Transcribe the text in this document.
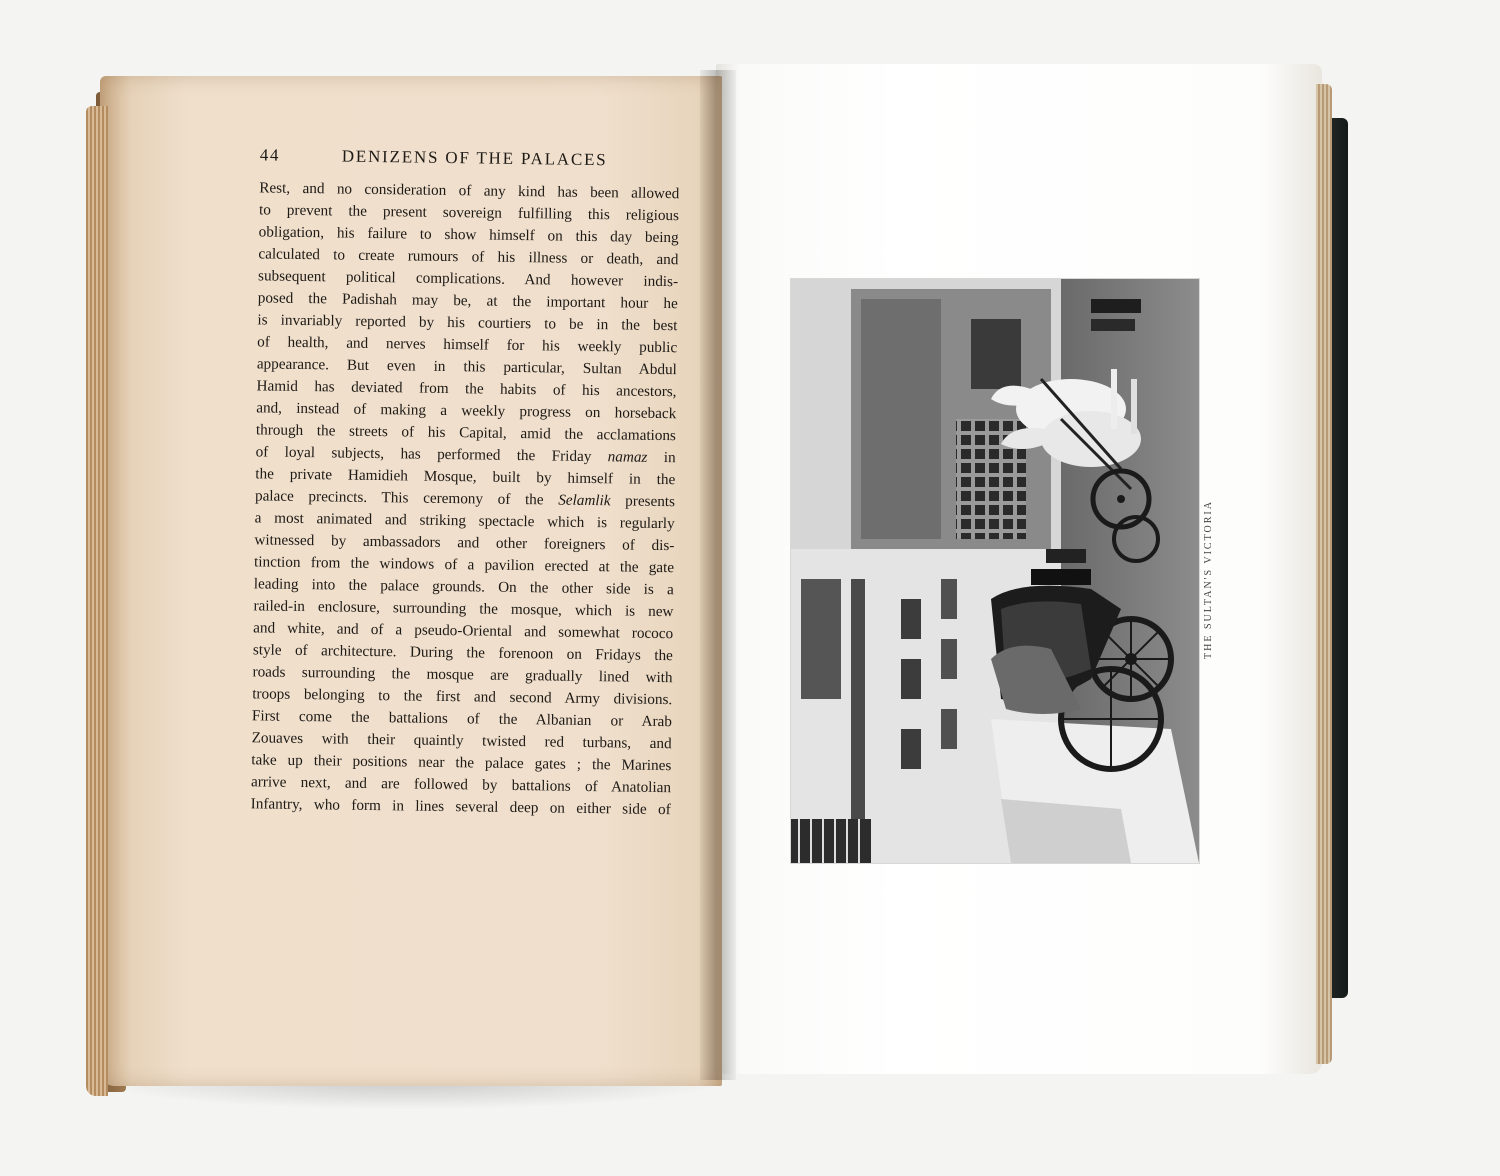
44	DENIZENS OF THE PALACES
Rest, and no consideration of any kind has been allowed
to prevent the present sovereign fulfilling this religious
obligation, his failure to show himself on this day being
calculated to create rumours of his illness or death, and
subsequent political complications. And however indis-
posed the Padishah may be, at the important hour he
is invariably reported by his courtiers to be in the best
of health, and nerves himself for his weekly public
appearance. But even in this particular, Sultan Abdul
Hamid has deviated from the habits of his ancestors,
and, instead of making a weekly progress on horseback
through the streets of his Capital, amid the acclamations
of loyal subjects, has performed the Friday namaz in
the private Hamidieh Mosque, built by himself in the
palace precincts. This ceremony of the Selamlik presents
a most animated and striking spectacle which is regularly
witnessed by ambassadors and other foreigners of dis-
tinction from the windows of a pavilion erected at the gate
leading into the palace grounds. On the other side is a
railed-in enclosure, surrounding the mosque, which is new
and white, and of a pseudo-Oriental and somewhat rococo
style of architecture. During the forenoon on Fridays the
roads surrounding the mosque are gradually lined with
troops belonging to the first and second Army divisions.
First come the battalions of the Albanian or Arab
Zouaves with their quaintly twisted red turbans, and
take up their positions near the palace gates ; the Marines
arrive next, and are followed by battalions of Anatolian
Infantry, who form in lines several deep on either side of
THE SULTAN'S VICTORIA
